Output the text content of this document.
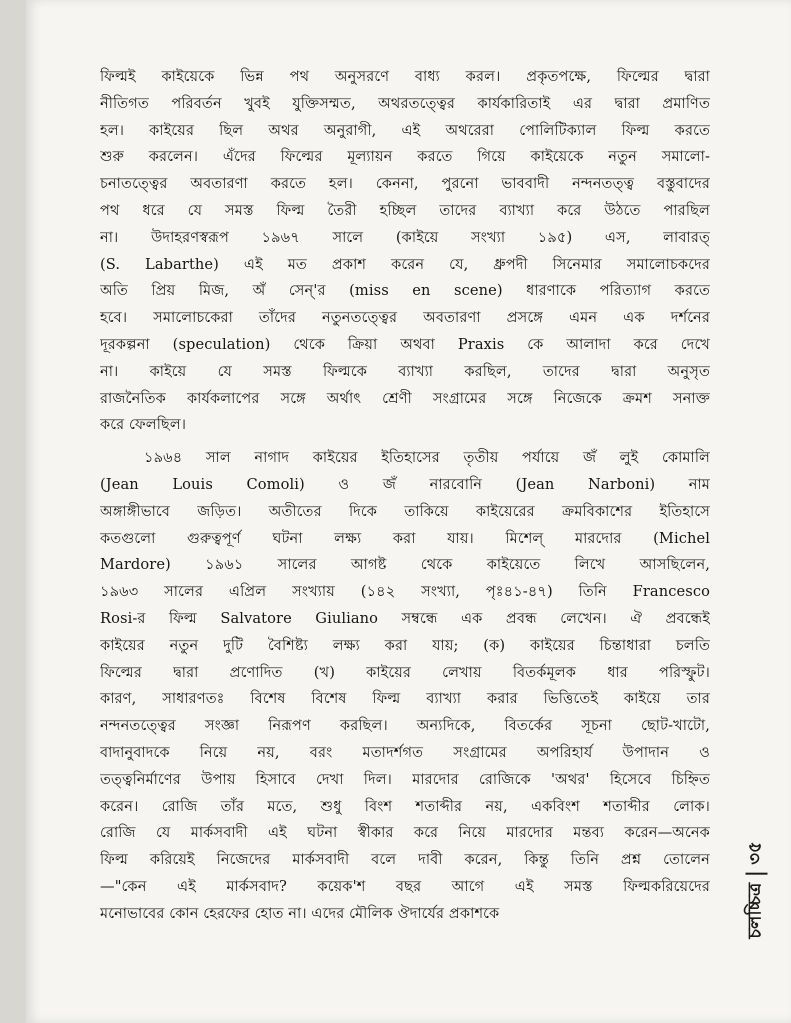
ফিল্মই কাইয়েকে ভিন্ন পথ অনুসরণে বাধ্য করল। প্রকৃতপক্ষে, ফিল্মের দ্বারা
নীতিগত পরিবর্তন খুবই যুক্তিসম্মত, অথরতত্ত্বের কার্যকারিতাই এর দ্বারা প্রমাণিত
হল। কাইয়ের ছিল অথর অনুরাগী, এই অথরেরা পোলিটিক্যাল ফিল্ম করতে
শুরু করলেন। এঁদের ফিল্মের মূল্যায়ন করতে গিয়ে কাইয়েকে নতুন সমালো-
চনাতত্ত্বের অবতারণা করতে হল। কেননা, পুরনো ভাববাদী নন্দনতত্ত্ব বস্তুবাদের
পথ ধরে যে সমস্ত ফিল্ম তৈরী হচ্ছিল তাদের ব্যাখ্যা করে উঠতে পারছিল
না। উদাহরণস্বরূপ ১৯৬৭ সালে (কাইয়ে সংখ্যা ১৯৫) এস, লাবারত্
(S. Labarthe) এই মত প্রকাশ করেন যে, ধ্রুপদী সিনেমার সমালোচকদের
অতি প্রিয় মিজ, অঁ সেন্'র (miss en scene) ধারণাকে পরিত্যাগ করতে
হবে। সমালোচকেরা তাঁদের নতুনতত্ত্বের অবতারণা প্রসঙ্গে এমন এক দর্শনের
দূরকল্পনা (speculation) থেকে ক্রিয়া অথবা Praxis কে আলাদা করে দেখে
না। কাইয়ে যে সমস্ত ফিল্মকে ব্যাখ্যা করছিল, তাদের দ্বারা অনুসৃত
রাজনৈতিক কার্যকলাপের সঙ্গে অর্থাৎ শ্রেণী সংগ্রামের সঙ্গে নিজেকে ক্রমশ সনাক্ত
করে ফেলছিল।
১৯৬৪ সাল নাগাদ কাইয়ের ইতিহাসের তৃতীয় পর্যায়ে জঁ লুই কোমালি
(Jean Louis Comoli) ও জঁ নারবোনি (Jean Narboni) নাম
অঙ্গাঙ্গীভাবে জড়িত। অতীতের দিকে তাকিয়ে কাইয়েরের ক্রমবিকাশের ইতিহাসে
কতগুলো গুরুত্বপূর্ণ ঘটনা লক্ষ্য করা যায়। মিশেল্ মারদোর (Michel
Mardore) ১৯৬১ সালের আগষ্ট থেকে কাইয়েতে লিখে আসছিলেন,
১৯৬৩ সালের এপ্রিল সংখ্যায় (১৪২ সংখ্যা, পৃঃ৪১-৪৭) তিনি Francesco
Rosi-র ফিল্ম Salvatore Giuliano সম্বন্ধে এক প্রবন্ধ লেখেন। ঐ প্রবন্ধেই
কাইয়ের নতুন দুটি বৈশিষ্ট্য লক্ষ্য করা যায়; (ক) কাইয়ের চিন্তাধারা চলতি
ফিল্মের দ্বারা প্রণোদিত (খ) কাইয়ের লেখায় বিতর্কমূলক ধার পরিস্ফুট।
কারণ, সাধারণতঃ বিশেষ বিশেষ ফিল্ম ব্যাখ্যা করার ভিত্তিতেই কাইয়ে তার
নন্দনতত্ত্বের সংজ্ঞা নিরূপণ করছিল। অন্যদিকে, বিতর্কের সূচনা ছোট-খাটো,
বাদানুবাদকে নিয়ে নয়, বরং মতাদর্শগত সংগ্রামের অপরিহার্য উপাদান ও
তত্ত্বনির্মাণের উপায় হিসাবে দেখা দিল। মারদোর রোজিকে 'অথর' হিসেবে চিহ্নিত
করেন। রোজি তাঁর মতে, শুধু বিংশ শতাব্দীর নয়, একবিংশ শতাব্দীর লোক।
রোজি যে মার্কসবাদী এই ঘটনা স্বীকার করে নিয়ে মারদোর মন্তব্য করেন—অনেক
ফিল্ম করিয়েই নিজেদের মার্কসবাদী বলে দাবী করেন, কিন্তু তিনি প্রশ্ন তোলেন
—"কেন এই মার্কসবাদ? কয়েক'শ বছর আগে এই সমস্ত ফিল্মকরিয়েদের
মনোভাবের কোন হেরফের হোত না। এদের মৌলিক ঔদার্যের প্রকাশকে	চলচ্চিত্র
৩৫
